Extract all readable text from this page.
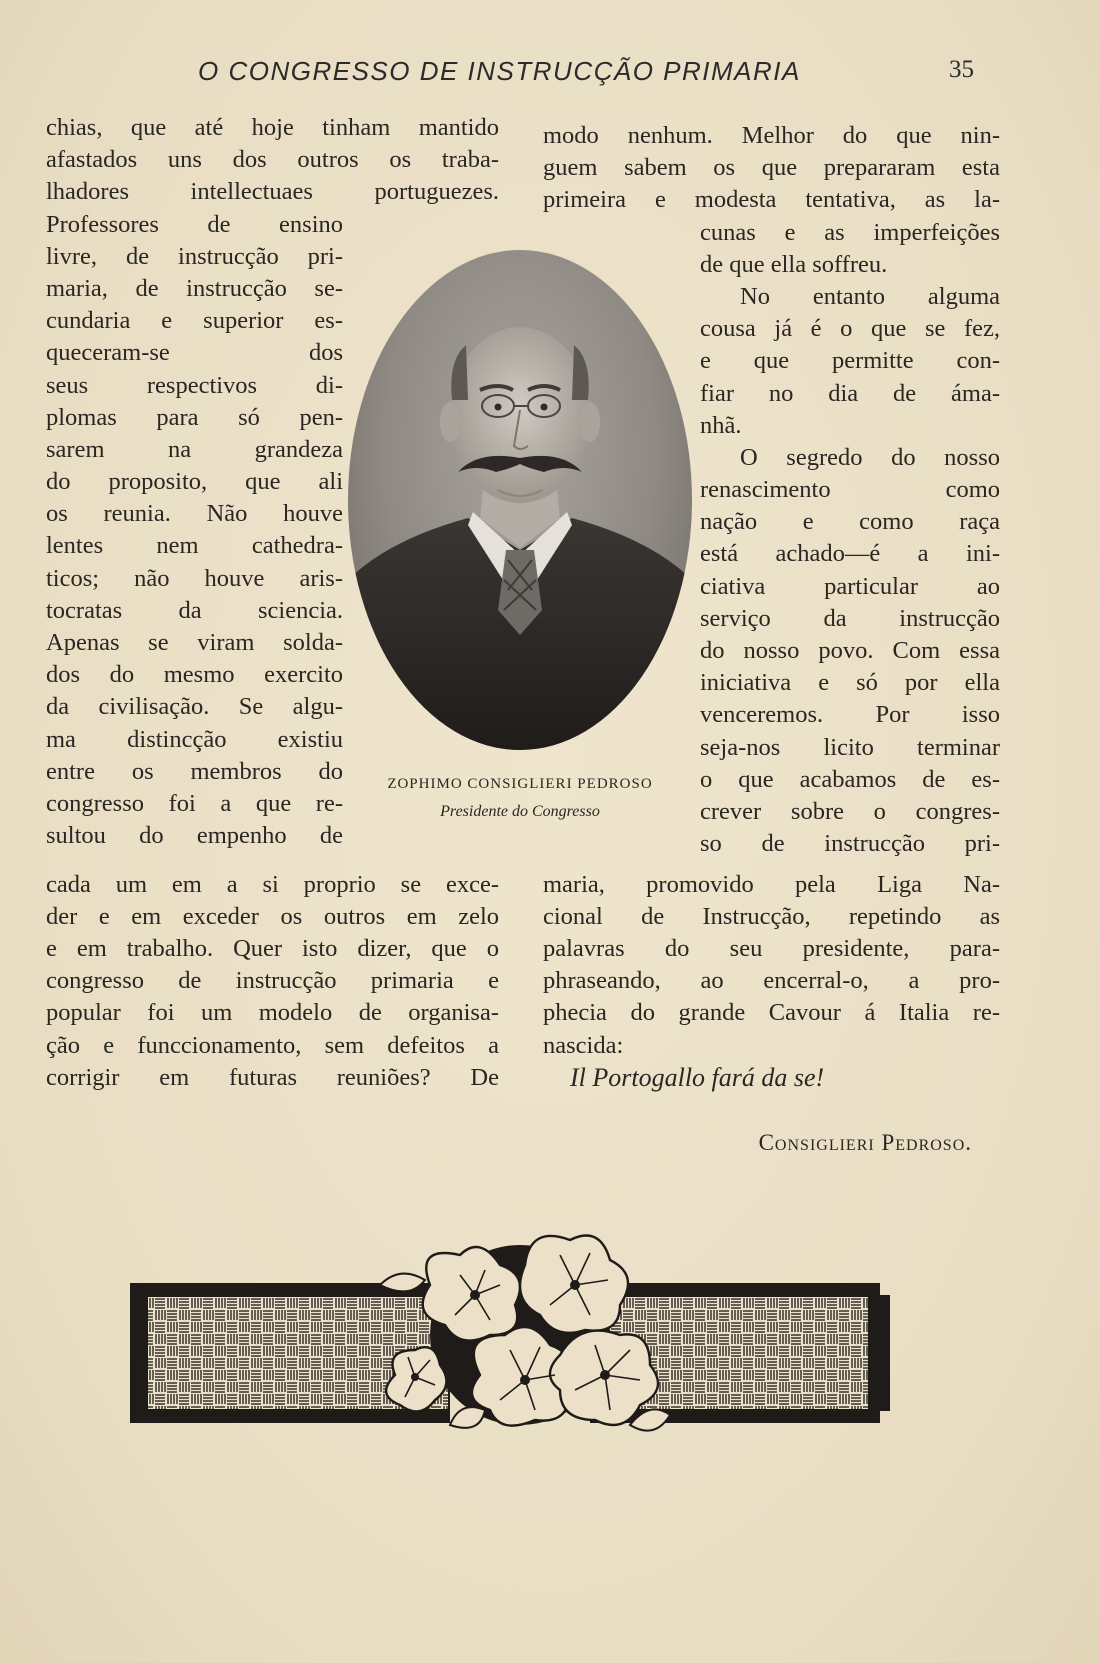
O CONGRESSO DE INSTRUCÇÃO PRIMARIA	35
chias, que até hoje tinham mantido
afastados uns dos outros os traba-
lhadores intellectuaes portuguezes.
Professores de ensino
livre, de instrucção pri-
maria, de instrucção se-
cundaria e superior es-
queceram-se dos
seus respectivos di-
plomas para só pen-
sarem na grandeza
do proposito, que ali
os reunia. Não houve
lentes nem cathedra-
ticos; não houve aris-
tocratas da sciencia.
Apenas se viram solda-
dos do mesmo exercito
da civilisação. Se algu-
ma distincção existiu
entre os membros do
congresso foi a que re-
sultou do empenho de
cada um em a si proprio se exce-
der e em exceder os outros em zelo
e em trabalho. Quer isto dizer, que o
congresso de instrucção primaria e
popular foi um modelo de organisa-
ção e funccionamento, sem defeitos a
corrigir em futuras reuniões? De
modo nenhum. Melhor do que nin-
guem sabem os que prepararam esta
primeira e modesta tentativa, as la-
cunas e as imperfeições
de que ella soffreu.
No entanto alguma
cousa já é o que se fez,
e que permitte con-
fiar no dia de áma-
nhã.
O segredo do nosso
renascimento como
nação e como raça
está achado—é a ini-
ciativa particular ao
serviço da instrucção
do nosso povo. Com essa
iniciativa e só por ella
venceremos. Por isso
seja-nos licito terminar
o que acabamos de es-
crever sobre o congres-
so de instrucção pri-
maria, promovido pela Liga Na-
cional de Instrucção, repetindo as
palavras do seu presidente, para-
phraseando, ao encerral-o, a pro-
phecia do grande Cavour á Italia re-
nascida:
Il Portogallo fará da se!
Consiglieri Pedroso.
ZOPHIMO CONSIGLIERI PEDROSO
Presidente do Congresso
